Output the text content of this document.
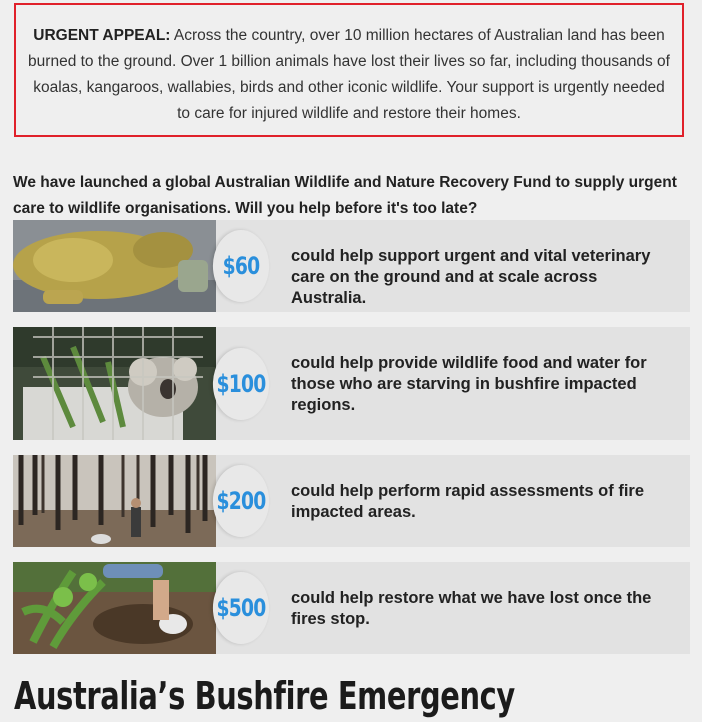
URGENT APPEAL: Across the country, over 10 million hectares of Australian land has been burned to the ground. Over 1 billion animals have lost their lives so far, including thousands of koalas, kangaroos, wallabies, birds and other iconic wildlife. Your support is urgently needed to care for injured wildlife and restore their homes.
We have launched a global Australian Wildlife and Nature Recovery Fund to supply urgent care to wildlife organisations. Will you help before it's too late?
$60	could help support urgent and vital veterinary care on the ground and at scale across Australia.
$100
could help provide wildlife food and water for those who are starving in bushfire impacted regions.
$200 could help perform rapid assessments of fire impacted areas.
$500 could help restore what we have lost once the fires stop.
Australia’s Bushfire Emergency
